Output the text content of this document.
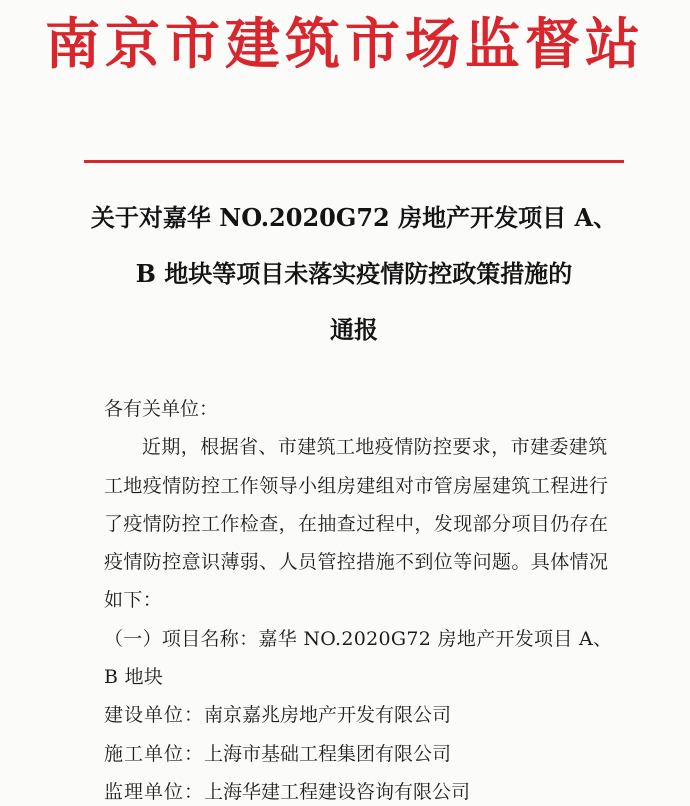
南京市建筑市场监督站
关于对嘉华 NO.2020G72 房地产开发项目 A、
B 地块等项目未落实疫情防控政策措施的
通报

各有关单位：

近期，根据省、市建筑工地疫情防控要求，市建委建筑工地疫情防控工作领导小组房建组对市管房屋建筑工程进行了疫情防控工作检查，在抽查过程中，发现部分项目仍存在疫情防控意识薄弱、人员管控措施不到位等问题。具体情况如下：

（一）项目名称：嘉华 NO.2020G72 房地产开发项目 A、B 地块

建设单位：南京嘉兆房地产开发有限公司

施工单位：上海市基础工程集团有限公司

监理单位：上海华建工程建设咨询有限公司
